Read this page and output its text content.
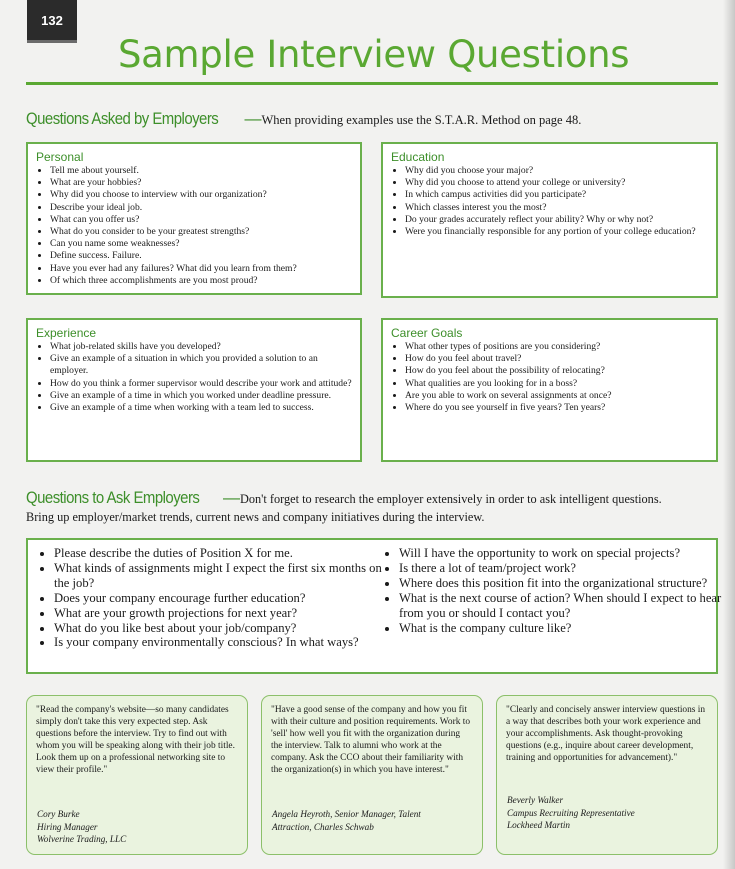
132
Sample Interview Questions
Questions Asked by Employers —When providing examples use the S.T.A.R. Method on page 48.
Personal
• Tell me about yourself.
• What are your hobbies?
• Why did you choose to interview with our organization?
• Describe your ideal job.
• What can you offer us?
• What do you consider to be your greatest strengths?
• Can you name some weaknesses?
• Define success. Failure.
• Have you ever had any failures? What did you learn from them?
• Of which three accomplishments are you most proud?
Education
• Why did you choose your major?
• Why did you choose to attend your college or university?
• In which campus activities did you participate?
• Which classes interest you the most?
• Do your grades accurately reflect your ability? Why or why not?
• Were you financially responsible for any portion of your college education?
Experience
• What job-related skills have you developed?
• Give an example of a situation in which you provided a solution to an employer.
• How do you think a former supervisor would describe your work and attitude?
• Give an example of a time in which you worked under deadline pressure.
• Give an example of a time when working with a team led to success.
Career Goals
• What other types of positions are you considering?
• How do you feel about travel?
• How do you feel about the possibility of relocating?
• What qualities are you looking for in a boss?
• Are you able to work on several assignments at once?
• Where do you see yourself in five years? Ten years?
Questions to Ask Employers —Don't forget to research the employer extensively in order to ask intelligent questions.
Bring up employer/market trends, current news and company initiatives during the interview.
• Please describe the duties of Position X for me.
• What kinds of assignments might I expect the first six months on the job?
• Does your company encourage further education?
• What are your growth projections for next year?
• What do you like best about your job/company?
• Is your company environmentally conscious? In what ways?
• Will I have the opportunity to work on special projects?
• Is there a lot of team/project work?
• Where does this position fit into the organizational structure?
• What is the next course of action? When should I expect to hear from you or should I contact you?
• What is the company culture like?

"Read the company's website—so many candidates simply don't take this very expected step. Ask questions before the interview. Try to find out with whom you will be speaking along with their job title. Look them up on a professional networking site to view their profile."

Cory Burke
Hiring Manager
Wolverine Trading, LLC

"Have a good sense of the company and how you fit with their culture and position requirements. Work to 'sell' how well you fit with the organization during the interview. Talk to alumni who work at the company. Ask the CCO about their familiarity with the organization(s) in which you have interest."

Angela Heyroth, Senior Manager, Talent
Attraction, Charles Schwab

"Clearly and concisely answer interview questions in a way that describes both your work experience and your accomplishments. Ask thought-provoking questions (e.g., inquire about career development, training and opportunities for advancement)."

Beverly Walker
Campus Recruiting Representative
Lockheed Martin
